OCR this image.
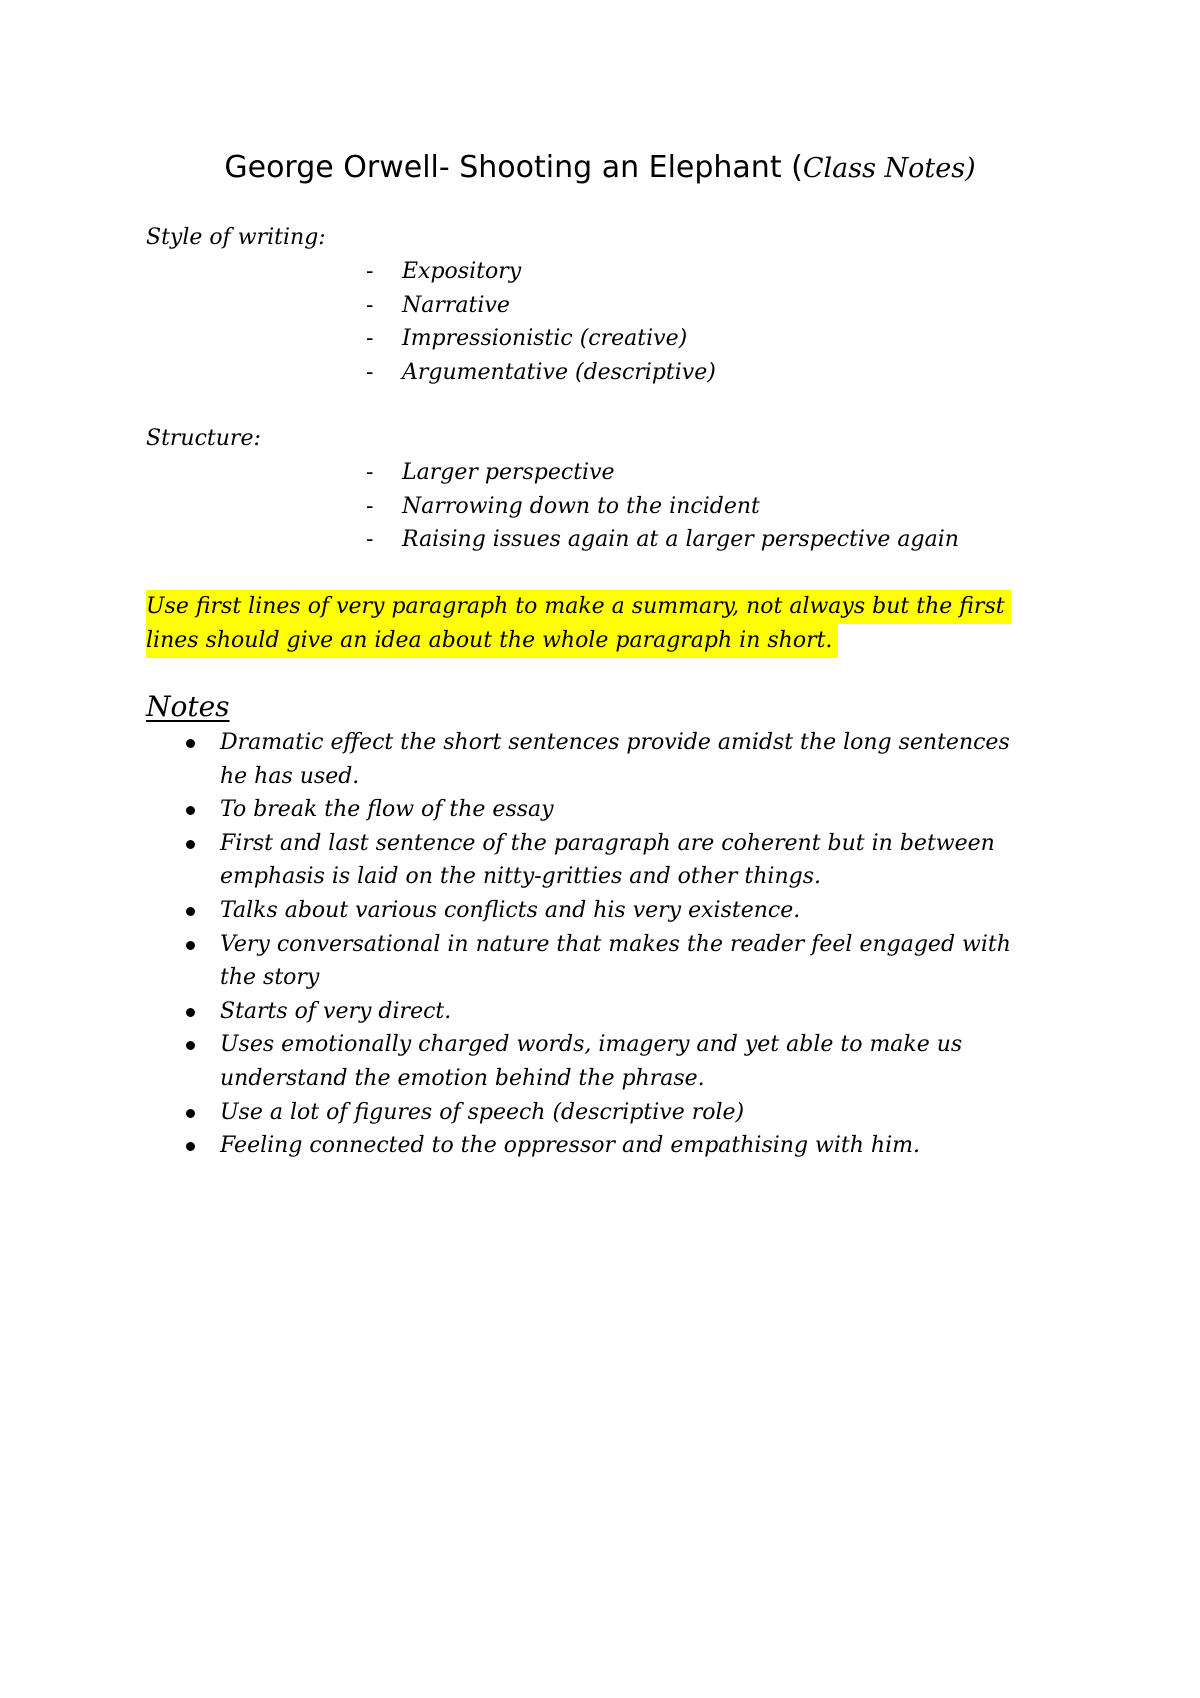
George Orwell- Shooting an Elephant (Class Notes)
Style of writing:
- Expository
- Narrative
- Impressionistic (creative)
- Argumentative (descriptive)
Structure:
- Larger perspective
- Narrowing down to the incident
- Raising issues again at a larger perspective again
Use first lines of very paragraph to make a summary, not always but the first
lines should give an idea about the whole paragraph in short.
Notes
Dramatic effect the short sentences provide amidst the long sentences
he has used.
To break the flow of the essay
First and last sentence of the paragraph are coherent but in between
emphasis is laid on the nitty-gritties and other things.
Talks about various conflicts and his very existence.
Very conversational in nature that makes the reader feel engaged with
the story
Starts of very direct.
Uses emotionally charged words, imagery and yet able to make us
understand the emotion behind the phrase.
Use a lot of figures of speech (descriptive role)
Feeling connected to the oppressor and empathising with him.
